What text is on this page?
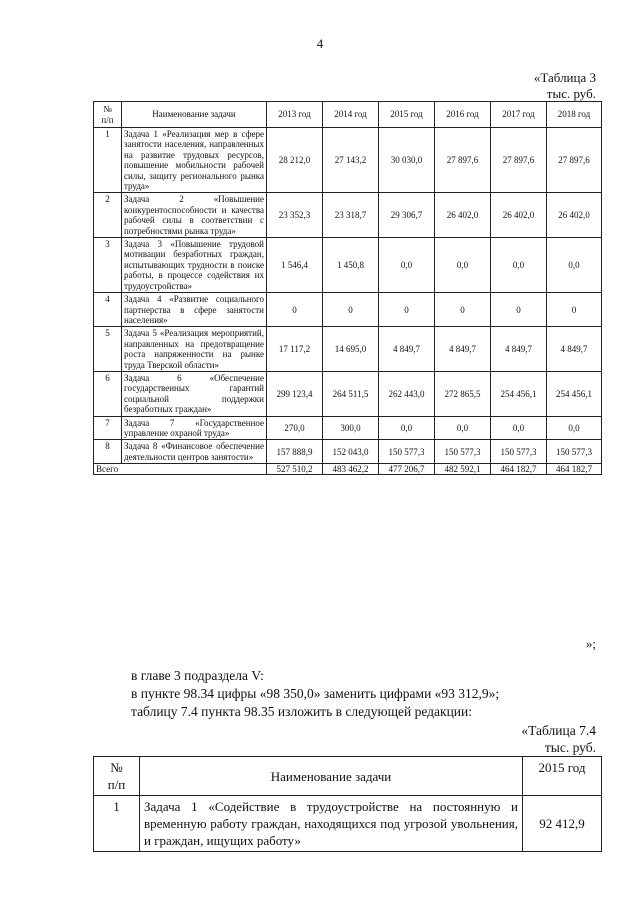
4
«Таблица 3
тыс. руб.
№
п/п	Наименование задачи	2013 год	2014 год	2015 год	2016 год	2017 год	2018 год
1	Задача 1 «Реализация мер в сфере занятости населения, направленных на развитие трудовых ресурсов, повышение мобильности рабочей силы, защиту регионального рынка труда»	28 212,0	27 143,2	30 030,0	27 897,6	27 897,6	27 897,6
2	Задача 2 «Повышение конкурентоспособности и качества рабочей силы в соответствии с потребностями рынка труда»	23 352,3	23 318,7	29 306,7	26 402,0	26 402,0	26 402,0
3	Задача 3 «Повышение трудовой мотивации безработных граждан, испытывающих трудности в поиске работы, в процессе содействия их трудоустройства»	1 546,4	1 450,8	0,0	0,0	0,0	0,0
4	Задача 4 «Развитие социального партнерства в сфере занятости населения»	0	0	0	0	0	0
5	Задача 5 «Реализация мероприятий, направленных на предотвращение роста напряженности на рынке труда Тверской области»	17 117,2	14 695,0	4 849,7	4 849,7	4 849,7	4 849,7
6	Задача 6 «Обеспечение государственных гарантий социальной поддержки безработных граждан»	299 123,4	264 511,5	262 443,0	272 865,5	254 456,1	254 456,1
7	Задача 7 «Государственное управление охраной труда»	270,0	300,0	0,0	0,0	0,0	0,0
8	Задача 8 «Финансовое обеспечение деятельности центров занятости»	157 888,9	152 043,0	150 577,3	150 577,3	150 577,3	150 577,3
Всего		527 510,2	483 462,2	477 206,7	482 592,1	464 182,7	464 182,7
»;
в главе 3 подраздела V:
в пункте 98.34 цифры «98 350,0» заменить цифрами «93 312,9»;
таблицу 7.4 пункта 98.35 изложить в следующей редакции:
«Таблица 7.4
тыс. руб.
№
п/п	Наименование задачи	2015 год
1	Задача 1 «Содействие в трудоустройстве на постоянную и временную работу граждан, находящихся под угрозой увольнения, и граждан, ищущих работу»	92 412,9
